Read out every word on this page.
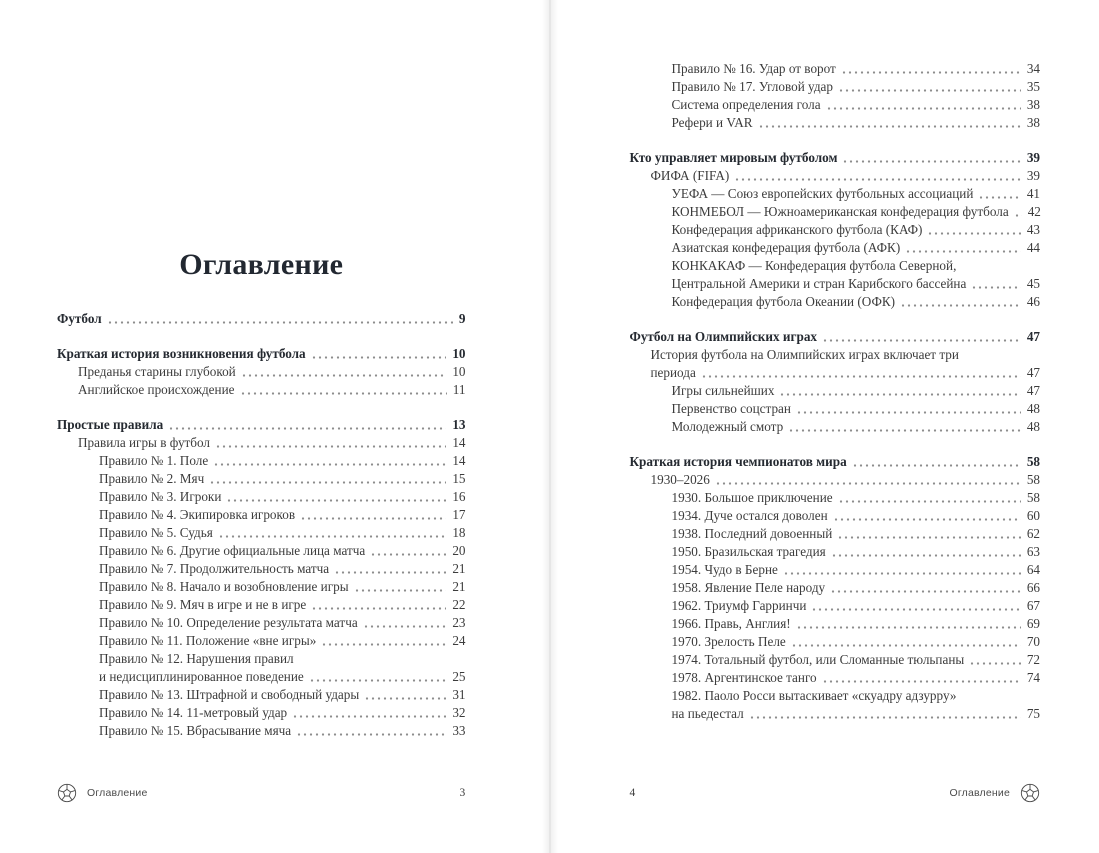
Оглавление
Футбол	9
Краткая история возникновения футбола	10
Преданья старины глубокой	10
Английское происхождение	11
Простые правила	13
Правила игры в футбол	14
Правило № 1. Поле	14
Правило № 2. Мяч	15
Правило № 3. Игроки	16
Правило № 4. Экипировка игроков	17
Правило № 5. Судья	18
Правило № 6. Другие официальные лица матча	20
Правило № 7. Продолжительность матча	21
Правило № 8. Начало и возобновление игры	21
Правило № 9. Мяч в игре и не в игре	22
Правило № 10. Определение результата матча	23
Правило № 11. Положение «вне игры»	24
Правило № 12. Нарушения правил
и недисциплинированное поведение	25
Правило № 13. Штрафной и свободный удары	31
Правило № 14. 11-метровый удар	32
Правило № 15. Вбрасывание мяча	33
Оглавление	3
Правило № 16. Удар от ворот	34
Правило № 17. Угловой удар	35
Система определения гола	38
Рефери и VAR	38
Кто управляет мировым футболом	39
ФИФА (FIFA)	39
УЕФА — Союз европейских футбольных ассоциаций	41
КОНМЕБОЛ — Южноамериканская конфедерация футбола 42
Конфедерация африканского футбола (КАФ)	43
Азиатская конфедерация футбола (АФК)	44
КОНКАКАФ — Конфедерация футбола Северной,
Центральной Америки и стран Карибского бассейна	45
Конфедерация футбола Океании (ОФК)	46
Футбол на Олимпийских играх	47
История футбола на Олимпийских играх включает три
периода	47
Игры сильнейших	47
Первенство соцстран	48
Молодежный смотр	48
Краткая история чемпионатов мира	58
1930–2026	58
1930. Большое приключение	58
1934. Дуче остался доволен	60
1938. Последний довоенный	62
1950. Бразильская трагедия	63
1954. Чудо в Берне	64
1958. Явление Пеле народу	66
1962. Триумф Гарринчи	67
1966. Правь, Англия!	69
1970. Зрелость Пеле	70
1974. Тотальный футбол, или Сломанные тюльпаны	72
1978. Аргентинское танго	74
1982. Паоло Росси вытаскивает «скуадру адзурру»
на пьедестал	75
4	Оглавление
